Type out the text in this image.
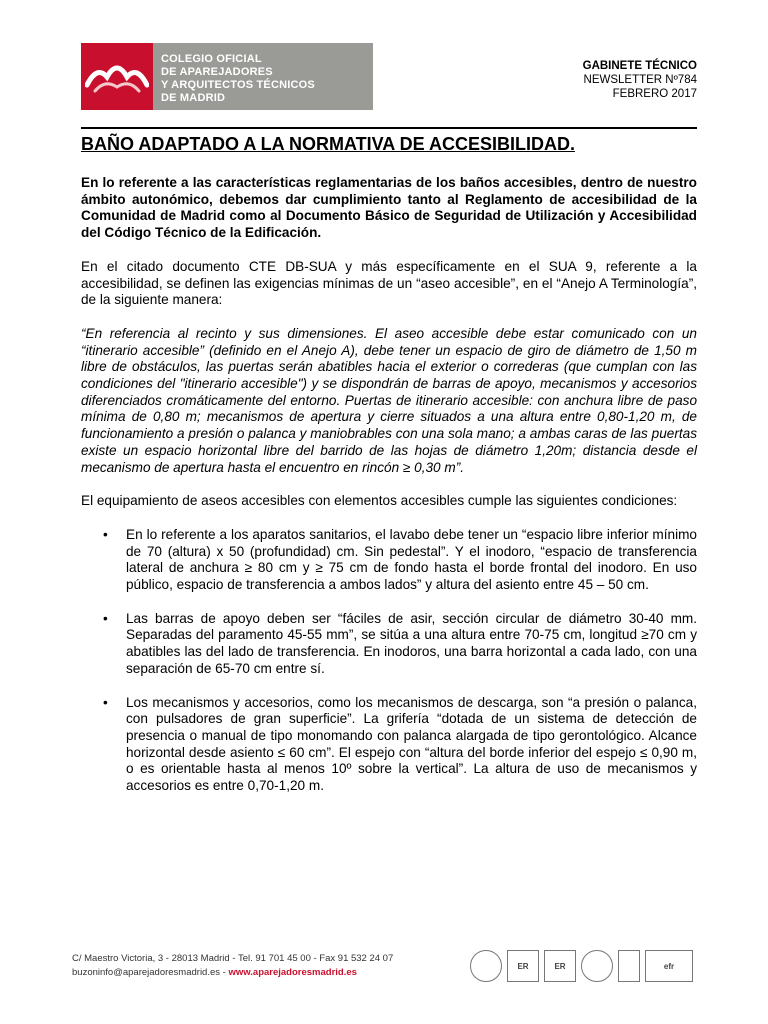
COLEGIO OFICIAL
DE APAREJADORES
Y ARQUITECTOS TÉCNICOS
DE MADRID
GABINETE TÉCNICO
NEWSLETTER Nº784
FEBRERO 2017
BAÑO ADAPTADO A LA NORMATIVA DE ACCESIBILIDAD.

En lo referente a las características reglamentarias de los baños accesibles, dentro de nuestro ámbito autonómico, debemos dar cumplimiento tanto al Reglamento de accesibilidad de la Comunidad de Madrid como al Documento Básico de Seguridad de Utilización y Accesibilidad del Código Técnico de la Edificación.

En el citado documento CTE DB-SUA y más específicamente en el SUA 9, referente a la accesibilidad, se definen las exigencias mínimas de un “aseo accesible”, en el “Anejo A Terminología”, de la siguiente manera:

“En referencia al recinto y sus dimensiones. El aseo accesible debe estar comunicado con un “itinerario accesible” (definido en el Anejo A), debe tener un espacio de giro de diámetro de 1,50 m libre de obstáculos, las puertas serán abatibles hacia el exterior o correderas (que cumplan con las condiciones del "itinerario accesible") y se dispondrán de barras de apoyo, mecanismos y accesorios diferenciados cromáticamente del entorno. Puertas de itinerario accesible: con anchura libre de paso mínima de 0,80 m; mecanismos de apertura y cierre situados a una altura entre 0,80-1,20 m, de funcionamiento a presión o palanca y maniobrables con una sola mano; a ambas caras de las puertas existe un espacio horizontal libre del barrido de las hojas de diámetro 1,20m; distancia desde el mecanismo de apertura hasta el encuentro en rincón ≥ 0,30 m”.

El equipamiento de aseos accesibles con elementos accesibles cumple las siguientes condiciones:

• En lo referente a los aparatos sanitarios, el lavabo debe tener un “espacio libre inferior mínimo de 70 (altura) x 50 (profundidad) cm. Sin pedestal”. Y el inodoro, “espacio de transferencia lateral de anchura ≥ 80 cm y ≥ 75 cm de fondo hasta el borde frontal del inodoro. En uso público, espacio de transferencia a ambos lados” y altura del asiento entre 45 – 50 cm.
• Las barras de apoyo deben ser “fáciles de asir, sección circular de diámetro 30-40 mm. Separadas del paramento 45-55 mm”, se sitúa a una altura entre 70-75 cm, longitud ≥70 cm y abatibles las del lado de transferencia. En inodoros, una barra horizontal a cada lado, con una separación de 65-70 cm entre sí.
• Los mecanismos y accesorios, como los mecanismos de descarga, son “a presión o palanca, con pulsadores de gran superficie”. La grifería “dotada de un sistema de detección de presencia o manual de tipo monomando con palanca alargada de tipo gerontológico. Alcance horizontal desde asiento ≤ 60 cm”. El espejo con “altura del borde inferior del espejo ≤ 0,90 m, o es orientable hasta al menos 10º sobre la vertical”. La altura de uso de mecanismos y accesorios es entre 0,70-1,20 m.
C/ Maestro Victoria, 3 - 28013 Madrid - Tel. 91 701 45 00 - Fax 91 532 24 07
buzoninfo@aparejadoresmadrid.es - www.aparejadoresmadrid.es
ER	ER	efr
